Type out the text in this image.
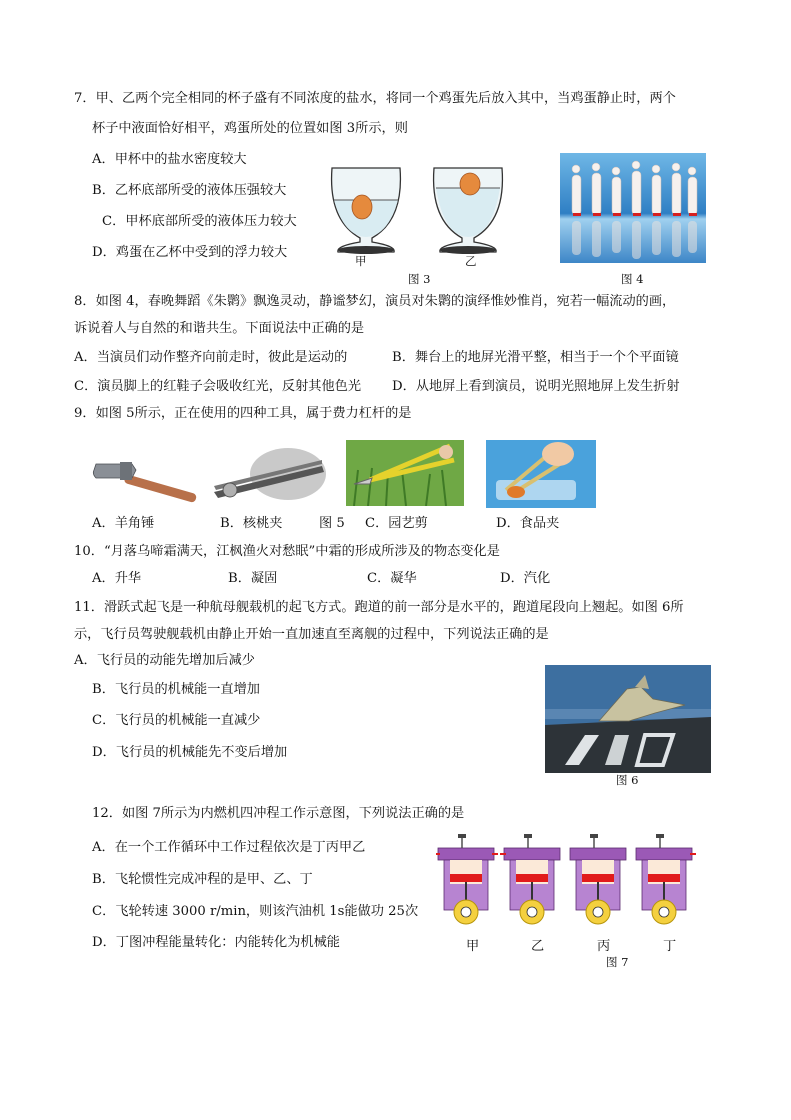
7．甲、乙两个完全相同的杯子盛有不同浓度的盐水，将同一个鸡蛋先后放入其中，当鸡蛋静止时，两个
杯子中液面恰好相平，鸡蛋所处的位置如图 3所示，则
A．甲杯中的盐水密度较大
B．乙杯底部所受的液体压强较大
C．甲杯底部所受的液体压力较大
D．鸡蛋在乙杯中受到的浮力较大
甲	乙
图 3	图 4
8．如图 4，春晚舞蹈《朱鹮》飘逸灵动，静谧梦幻，演员对朱鹮的演绎惟妙惟肖，宛若一幅流动的画，
诉说着人与自然的和谐共生。下面说法中正确的是
A．当演员们动作整齐向前走时，彼此是运动的	B．舞台上的地屏光滑平整，相当于一个个平面镜
C．演员脚上的红鞋子会吸收红光，反射其他色光 D．从地屏上看到演员，说明光照地屏上发生折射
9．如图 5所示，正在使用的四种工具，属于费力杠杆的是
A．羊角锤	B．核桃夹	图 5 C．园艺剪	D．食品夹
10．“月落乌啼霜满天，江枫渔火对愁眠”中霜的形成所涉及的物态变化是
A．升华	B．凝固	C．凝华	D．汽化
11．滑跃式起飞是一种航母舰载机的起飞方式。跑道的前一部分是水平的，跑道尾段向上翘起。如图 6所
示，飞行员驾驶舰载机由静止开始一直加速直至离舰的过程中，下列说法正确的是
A．飞行员的动能先增加后减少
B．飞行员的机械能一直增加
C．飞行员的机械能一直减少
D．飞行员的机械能先不变后增加
图 6
12．如图 7所示为内燃机四冲程工作示意图，下列说法正确的是
A．在一个工作循环中工作过程依次是丁丙甲乙
B．飞轮惯性完成冲程的是甲、乙、丁
C．飞轮转速 3000 r/min，则该汽油机 1s能做功 25次
D．丁图冲程能量转化：内能转化为机械能	甲	乙	丙	丁
图 7
